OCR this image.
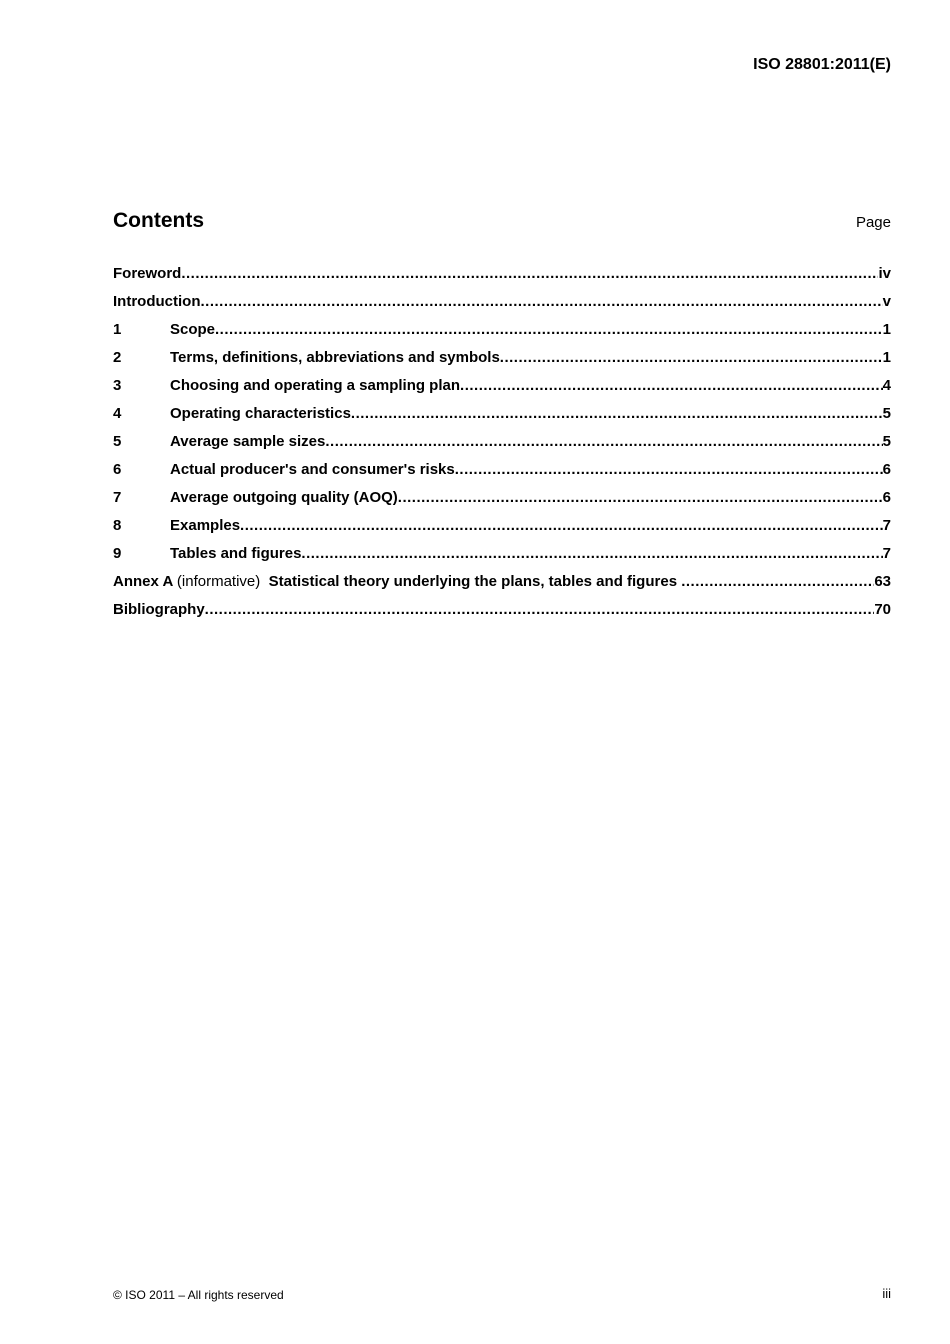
ISO 28801:2011(E)
Contents	Page
Foreword .....	iv
Introduction .....	v
1	Scope .....	1
2	Terms, definitions, abbreviations and symbols .....	1
3	Choosing and operating a sampling plan .....	4
4	Operating characteristics .....	5
5	Average sample sizes .....	5
6	Actual producer's and consumer's risks .....	6
7	Average outgoing quality (AOQ) .....	6
8	Examples .....	7
9	Tables and figures .....	7
Annex A (informative) Statistical theory underlying the plans, tables and figures .....	63
Bibliography .....	70
© ISO 2011 – All rights reserved	iii
